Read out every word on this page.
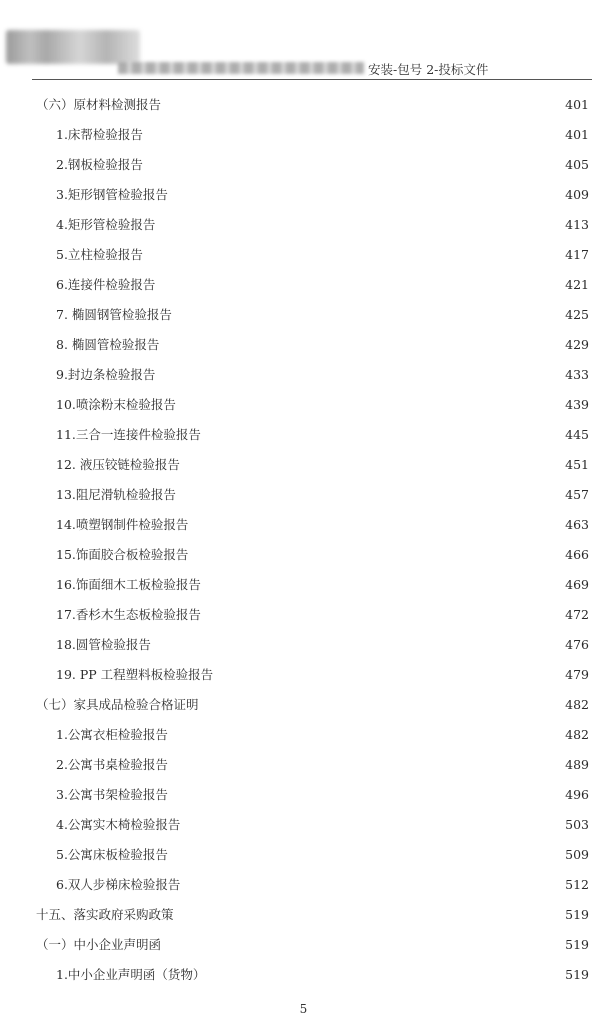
安装-包号 2-投标文件
（六）原材料检测报告	401
1.床帮检验报告	401
2.钢板检验报告	405
3.矩形钢管检验报告	409
4.矩形管检验报告	413
5.立柱检验报告	417
6.连接件检验报告	421
7. 椭圆钢管检验报告	425
8. 椭圆管检验报告	429
9.封边条检验报告	433
10.喷涂粉末检验报告	439
11.三合一连接件检验报告	445
12. 液压铰链检验报告	451
13.阻尼滑轨检验报告	457
14.喷塑钢制件检验报告	463
15.饰面胶合板检验报告	466
16.饰面细木工板检验报告	469
17.香杉木生态板检验报告	472
18.圆管检验报告	476
19. PP 工程塑料板检验报告	479
（七）家具成品检验合格证明	482
1.公寓衣柜检验报告	482
2.公寓书桌检验报告	489
3.公寓书架检验报告	496
4.公寓实木椅检验报告	503
5.公寓床板检验报告	509
6.双人步梯床检验报告	512
十五、落实政府采购政策	519
（一）中小企业声明函	519
1.中小企业声明函（货物）	519
5
